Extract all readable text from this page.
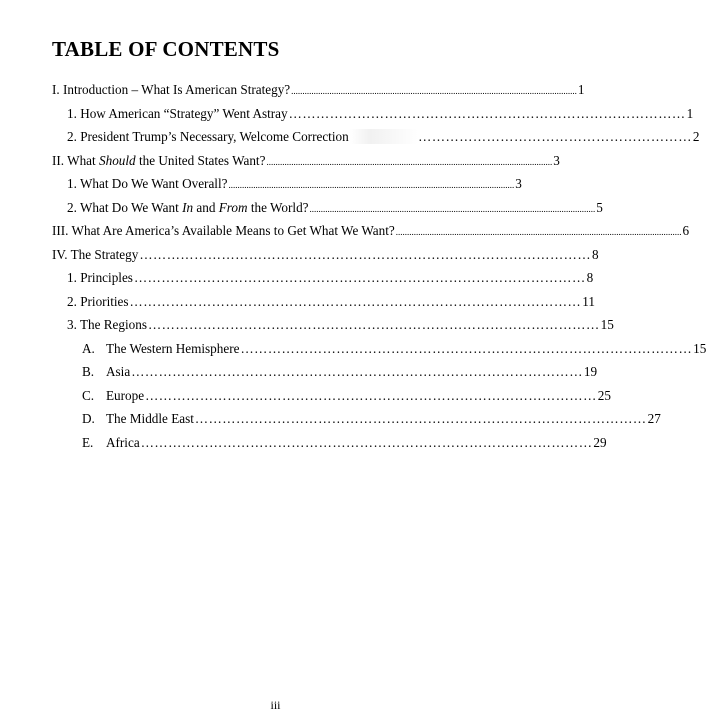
TABLE OF CONTENTS
I. Introduction – What Is American Strategy? ............................................................................................................................... 1
1. How American “Strategy” Went Astray …………………………………………………………………………… 1
2. President Trump’s Necessary, Welcome Correction	…………………………………………………… 2
II. What Should the United States Want? ............................................................................................................................... 3
1. What Do We Want Overall? ............................................................................................................................... 3
2. What Do We Want In and From the World? ............................................................................................................................... 5
III. What Are America’s Available Means to Get What We Want? ............................................................................................................................... 6
IV. The Strategy ……………………………………………………………………………………… 8
1. Principles ……………………………………………………………………………………… 8
2. Priorities ……………………………………………………………………………………… 11
3. The Regions ……………………………………………………………………………………… 15
A. The Western Hemisphere ……………………………………………………………………………………… 15
B. Asia ……………………………………………………………………………………… 19
C. Europe ……………………………………………………………………………………… 25
D. The Middle East ……………………………………………………………………………………… 27
E. Africa ……………………………………………………………………………………… 29
iii
